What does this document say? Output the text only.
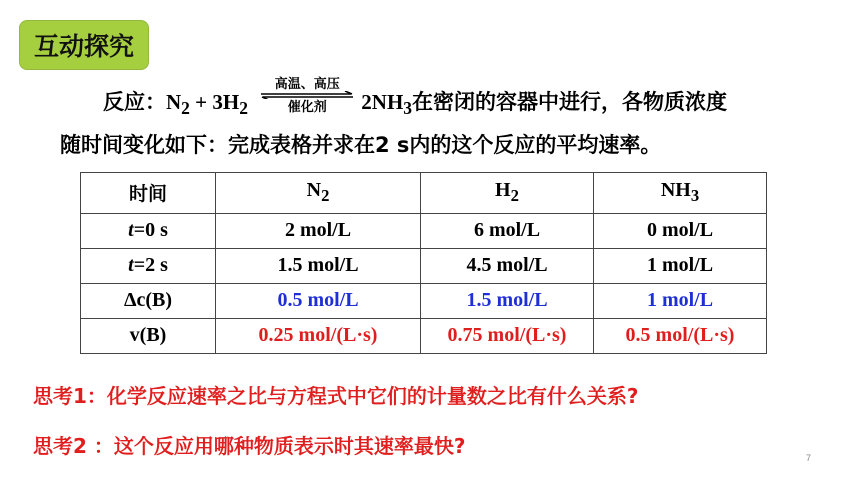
互动探究
反应：$N_2 + 3H_2$
高温、高压
催化剂	$2NH_3$在密闭的容器中进行，各物质浓度
随时间变化如下：完成表格并求在2 s内的这个反应的平均速率。
时间	$N_2$	$H_2$	$NH_3$
t=0 s	2 mol/L	6 mol/L	0 mol/L
t=2 s	1.5 mol/L	4.5 mol/L	1 mol/L
Δc(B)	0.5 mol/L	1.5 mol/L	1 mol/L
v(B)	0.25 mol/(L·s)	0.75 mol/(L·s)	0.5 mol/(L·s)
思考1：化学反应速率之比与方程式中它们的计量数之比有什么关系?
思考2 ：这个反应用哪种物质表示时其速率最快?	7
